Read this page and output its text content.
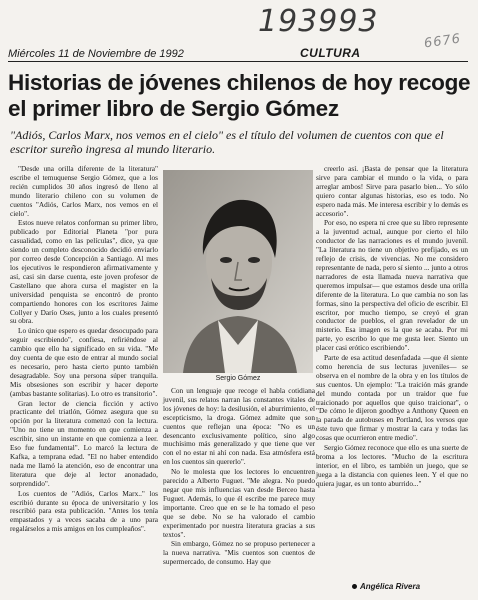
193993
6676
Miércoles 11 de Noviembre de 1992	CULTURA
Historias de jóvenes chilenos de hoy recoge el primer libro de Sergio Gómez

"Adiós, Carlos Marx, nos vemos en el cielo" es el título del volumen de cuentos con que el escritor sureño ingresa al mundo literario.

"Desde una orilla diferente de la literatura" escribe el temuquense Sergio Gómez, que a los recién cumplidos 30 años ingresó de lleno al mundo literario chileno con su volumen de cuentos "Adiós, Carlos Marx, nos vemos en el cielo".

Estos nueve relatos conforman su primer libro, publicado por Editorial Planeta "por pura casualidad, como en las películas", dice, ya que siendo un completo desconocido decidió enviarlo por correo desde Concepción a Santiago. Al mes los ejecutivos le respondieron afirmativamente y así, casi sin darse cuenta, este joven profesor de Castellano que ahora cursa el magister en la universidad penquista se encontró de pronto compartiendo honores con los escritores Jaime Collyer y Darío Oses, junto a los cuales presentó su obra.

Lo único que espero es quedar desocupado para seguir escribiendo", confiesa, refiriéndose al cambio que ello ha significado en su vida. "Me doy cuenta de que esto de entrar al mundo social es necesario, pero hasta cierto punto también desagradable. Soy una persona súper tranquila. Mis obsesiones son escribir y hacer deporte (ambas bastante solitarias). Lo otro es transitorio".

Gran lector de ciencia ficción y activo practicante del triatlón, Gómez asegura que su opción por la literatura comenzó con la lectura. "Uno no tiene un momento en que comienza a escribir, sino un instante en que comienza a leer. Eso fue fundamental". Lo marcó la lectura de Kafka, a temprana edad. "El no haber entendido nada me llamó la atención, eso de encontrar una literatura que deje al lector anonadado, sorprendido".

Los cuentos de "Adiós, Carlos Marx.." los escribió durante su época de universitario y los rescribió para esta publicación. "Antes los tenía empastados y a veces sacaba de a uno para regalárselos a mis amigos en los cumpleaños".

Sergio Gómez

Con un lenguaje que recoge el habla cotidiana juvenil, sus relatos narran las constantes vitales de los jóvenes de hoy: la desilusión, el aburrimiento, el escepticismo, la droga. Gómez admite que son cuentos que reflejan una época: "No es un desencanto exclusivamente político, sino algo muchísimo más generalizado y que tiene que ver con el no estar ni ahí con nada. Esa atmósfera está en los cuentos sin quererlo".

No le molesta que los lectores lo encuentren parecido a Alberto Fuguet. "Me alegra. No puedo negar que mis influencias van desde Berceo hasta Fuguet. Además, lo que él escribe me parece muy importante. Creo que en se le ha tomado el peso que se debe. No se ha valorado el cambio experimentado por nuestra literatura gracias a sus textos".

Sin embargo, Gómez no se propuso pertenecer a la nueva narrativa. "Mis cuentos son cuentos de supermercado, de consumo. Hay que

creerlo así. ¡Basta de pensar que la literatura sirve para cambiar el mundo o la vida, o para arreglar ambos! Sirve para pasarlo bien... Yo sólo quiero contar algunas historias, eso es todo. No espero nada más. Me interesa escribir y lo demás es accesorio".

Por eso, no espera ni cree que su libro represente a la juventud actual, aunque por cierto el hilo conductor de las narraciones es el mundo juvenil. "La literatura no tiene un objetivo prefijado, es un reflejo de crisis, de vivencias. No me considero representante de nada, pero sí siento ... junto a otros narradores de esta llamada nueva narrativa que queremos impulsar— que estamos desde una orilla diferente de la literatura. Lo que cambia no son las formas, sino la perspectiva del oficio de escribir. El escritor, por mucho tiempo, se creyó el gran conductor de pueblos, el gran revelador de un misterio. Esa imagen es la que se acaba. Por mi parte, yo escribo lo que me gusta leer. Siento un placer casi erótico escribiendo".

Parte de esa actitud desenfadada —que él siente como herencia de sus lecturas juveniles— se observa en el nombre de la obra y en los títulos de sus cuentos. Un ejemplo: "La traición más grande del mundo contada por un traidor que fue traicionado por aquellos que quiso traicionar", o "De cómo le dijeron goodbye a Anthony Queen en la parada de autobuses en Portland, los versos que éste tuvo que firmar y mostrar la cara y todas las cosas que ocurrieron entre medio".

Sergio Gómez reconoce que ello es una suerte de broma a los lectores. "Mucho de la escritura interior, en el libro, es también un juego, que se juega a la distancia con quienes leen. Y el que no quiera jugar, es un tonto aburrido..."

Angélica Rivera
